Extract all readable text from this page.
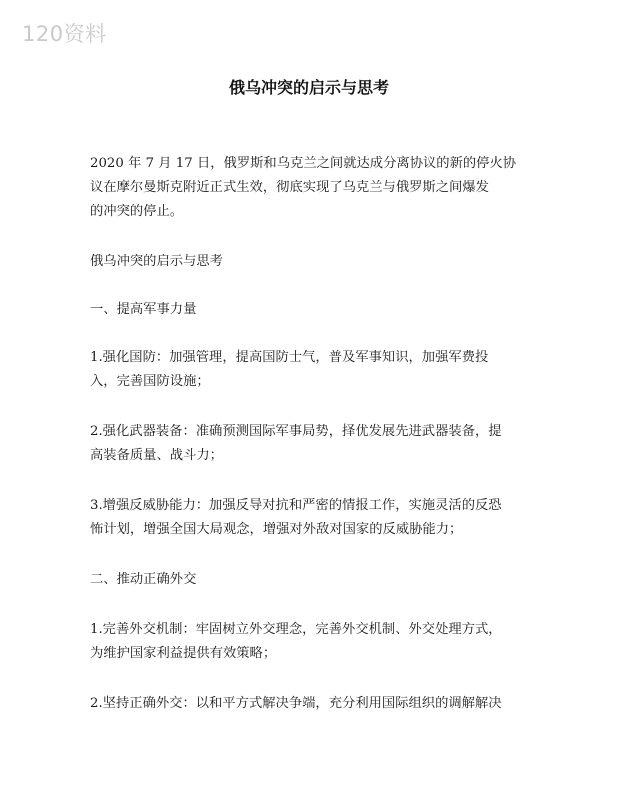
120资料
俄乌冲突的启示与思考

2020 年 7 月 17 日，俄罗斯和乌克兰之间就达成分离协议的新的停火协
议在摩尔曼斯克附近正式生效，彻底实现了乌克兰与俄罗斯之间爆发
的冲突的停止。

俄乌冲突的启示与思考

一、提高军事力量

1.强化国防：加强管理，提高国防士气，普及军事知识，加强军费投
入，完善国防设施；

2.强化武器装备：准确预测国际军事局势，择优发展先进武器装备，提
高装备质量、战斗力；

3.增强反威胁能力：加强反导对抗和严密的情报工作，实施灵活的反恐
怖计划，增强全国大局观念，增强对外敌对国家的反威胁能力；

二、推动正确外交

1.完善外交机制：牢固树立外交理念，完善外交机制、外交处理方式，
为维护国家利益提供有效策略；

2.坚持正确外交：以和平方式解决争端，充分利用国际组织的调解解决
